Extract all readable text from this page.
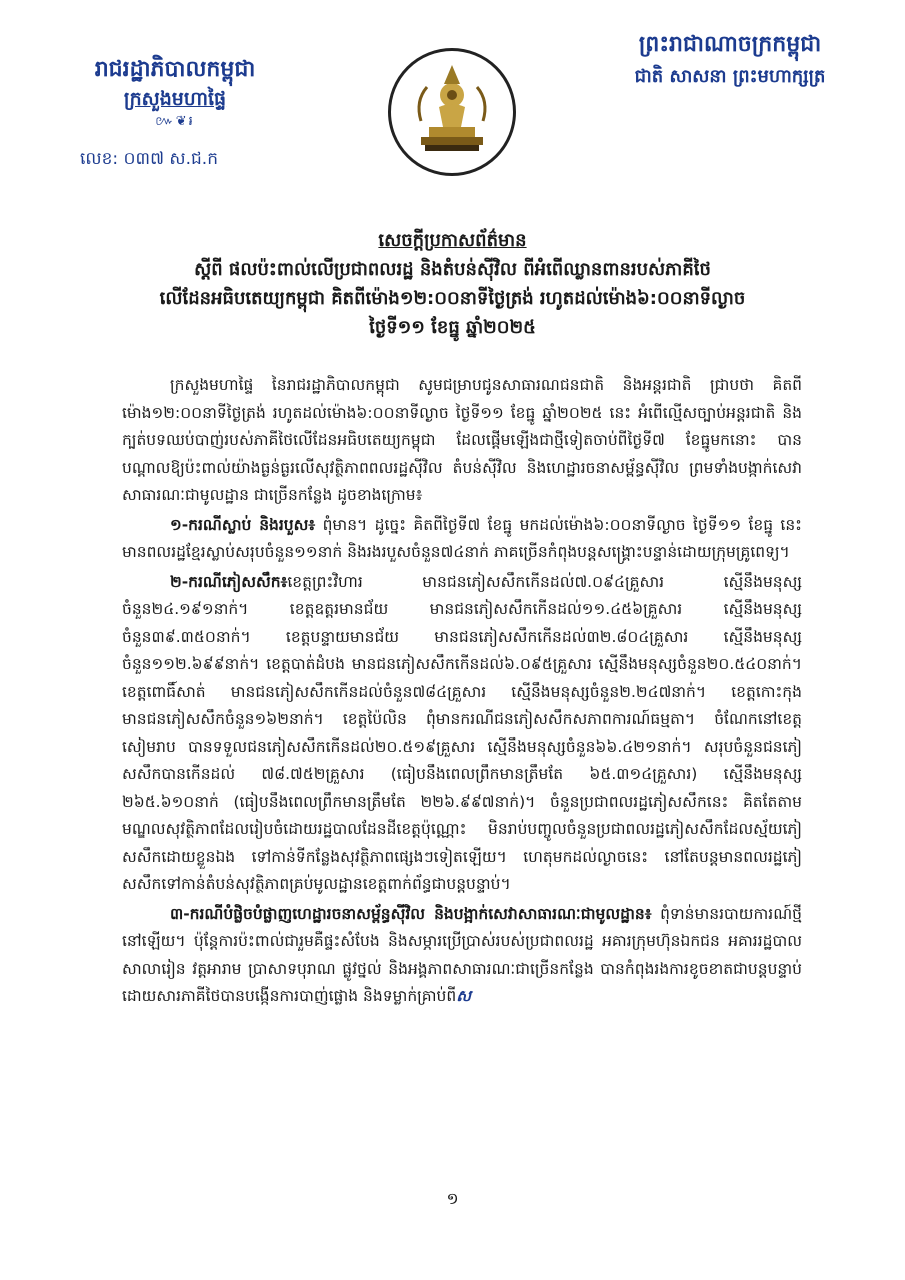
រាជរដ្ឋាភិបាលកម្ពុជា
ក្រសួងមហាផ្ទៃ
៚❦៛
លេខ: ០៣៧ ស.ជ.ក
ព្រះរាជាណាចក្រកម្ពុជា
ជាតិ សាសនា ព្រះមហាក្សត្រ
សេចក្តីប្រកាសព័ត៌មាន
ស្តីពី ផលប៉ះពាល់លើប្រជាពលរដ្ឋ និងតំបន់ស៊ីវិល ពីអំពើឈ្លានពានរបស់ភាគីថៃ
លើដែនអធិបតេយ្យកម្ពុជា គិតពីម៉ោង១២:០០នាទីថ្ងៃត្រង់ រហូតដល់ម៉ោង៦:០០នាទីល្ងាច
ថ្ងៃទី១១ ខែធ្នូ ឆ្នាំ២០២៥

ក្រសួងមហាផ្ទៃ នៃរាជរដ្ឋាភិបាលកម្ពុជា សូមជម្រាបជូនសាធារណជនជាតិ និងអន្តរជាតិ ជ្រាបថា គិតពីម៉ោង១២:០០នាទីថ្ងៃត្រង់ រហូតដល់ម៉ោង៦:០០នាទីល្ងាច ថ្ងៃទី១១ ខែធ្នូ ឆ្នាំ២០២៥ នេះ អំពើល្មើសច្បាប់អន្តរជាតិ និងក្បត់បទឈប់បាញ់របស់ភាគីថៃលើដែនអធិបតេយ្យកម្ពុជា ដែលផ្តើមឡើងជាថ្មីទៀតចាប់ពីថ្ងៃទី៧ ខែធ្នូមកនោះ បានបណ្តាលឱ្យប៉ះពាល់យ៉ាងធ្ងន់ធ្ងរលើសុវត្ថិភាពពលរដ្ឋស៊ីវិល តំបន់ស៊ីវិល និងហេដ្ឋារចនាសម្ព័ន្ធស៊ីវិល ព្រមទាំងបង្កាក់សេវាសាធារណៈជាមូលដ្ឋាន ជាច្រើនកន្លែង ដូចខាងក្រោម៖

១-ករណីស្លាប់ និងរបួស៖ ពុំមាន។ ដូច្នេះ គិតពីថ្ងៃទី៧ ខែធ្នូ មកដល់ម៉ោង៦:០០នាទីល្ងាច ថ្ងៃទី១១ ខែធ្នូ នេះ មានពលរដ្ឋខ្មែរស្លាប់សរុបចំនួន១១នាក់ និងរងរបួសចំនួន៧៤នាក់ ភាគច្រើនកំពុងបន្តសង្គ្រោះបន្ទាន់ដោយក្រុមគ្រូពេទ្យ។

២-ករណីភៀសសឹក៖ខេត្តព្រះវិហារ មានជនភៀសសឹកកើនដល់៧.០៩៤គ្រួសារ ស្មើនឹងមនុស្សចំនួន២៤.១៩១នាក់។ ខេត្តឧត្តរមានជ័យ មានជនភៀសសឹកកើនដល់១១.៤៥៦គ្រួសារ ស្មើនឹងមនុស្សចំនួន៣៩.៣៥០នាក់។ ខេត្តបន្ទាយមានជ័យ មានជនភៀសសឹកកើនដល់៣២.៨០៤គ្រួសារ ស្មើនឹងមនុស្សចំនួន១១២.៦៩៩នាក់។ ខេត្តបាត់ដំបង មានជនភៀសសឹកកើនដល់៦.០៩៥គ្រួសារ ស្មើនឹងមនុស្សចំនួន២០.៥៤០នាក់។ ខេត្តពោធិ៍សាត់ មានជនភៀសសឹកកើនដល់ចំនួន៧៨៤គ្រួសារ ស្មើនឹងមនុស្សចំនួន២.២៤៧នាក់។ ខេត្តកោះកុង មានជនភៀសសឹកចំនួន១៦២នាក់។ ខេត្តប៉ៃលិន ពុំមានករណីជនភៀសសឹកសភាពការណ៍ធម្មតា។ ចំណែកនៅខេត្តសៀមរាប បានទទួលជនភៀសសឹកកើនដល់២០.៥១៩គ្រួសារ ស្មើនឹងមនុស្សចំនួន៦៦.៤២១នាក់។ សរុបចំនួនជនភៀសសឹកបានកើនដល់ ៧៨.៧៥២គ្រួសារ (ធៀបនឹងពេលព្រឹកមានត្រឹមតែ ៦៥.៣១៤គ្រួសារ) ស្មើនឹងមនុស្ស ២៦៥.៦១០នាក់ (ធៀបនឹងពេលព្រឹកមានត្រឹមតែ ២២៦.៩៩៧នាក់)។ ចំនួនប្រជាពលរដ្ឋភៀសសឹកនេះ គិតតែតាមមណ្ឌលសុវត្ថិភាពដែលរៀបចំដោយរដ្ឋបាលដែនដីខេត្តប៉ុណ្ណោះ មិនរាប់បញ្ចូលចំនួនប្រជាពលរដ្ឋភៀសសឹកដែលស្ម័យភៀសសឹកដោយខ្លួនឯង ទៅកាន់ទីកន្លែងសុវត្ថិភាពផ្សេងៗទៀតឡើយ។ ហេតុមកដល់ល្ងាចនេះ នៅតែបន្តមានពលរដ្ឋភៀសសឹកទៅកាន់តំបន់សុវត្ថិភាពគ្រប់មូលដ្ឋានខេត្តពាក់ព័ន្ធជាបន្តបន្ទាប់។

៣-ករណីបំផ្លិចបំផ្លាញហេដ្ឋារចនាសម្ព័ន្ធស៊ីវិល និងបង្អាក់សេវាសាធារណៈជាមូលដ្ឋាន៖ ពុំទាន់មានរបាយការណ៍ថ្មីនៅឡើយ។ ប៉ុន្តែការប៉ះពាល់ជារួមគឺផ្ទះសំបែង និងសម្ភារប្រើប្រាស់របស់ប្រជាពលរដ្ឋ អគារក្រុមហ៊ុនឯកជន អគាររដ្ឋបាល សាលារៀន វត្តអារាម ប្រាសាទបុរាណ ផ្លូវថ្នល់ និងអង្គភាពសាធារណៈជាច្រើនកន្លែង បានកំពុងរងការខូចខាតជាបន្តបន្ទាប់ ដោយសារភាគីថៃបានបង្កើនការបាញ់ផ្លោង និងទម្លាក់គ្រាប់ពីស

១
